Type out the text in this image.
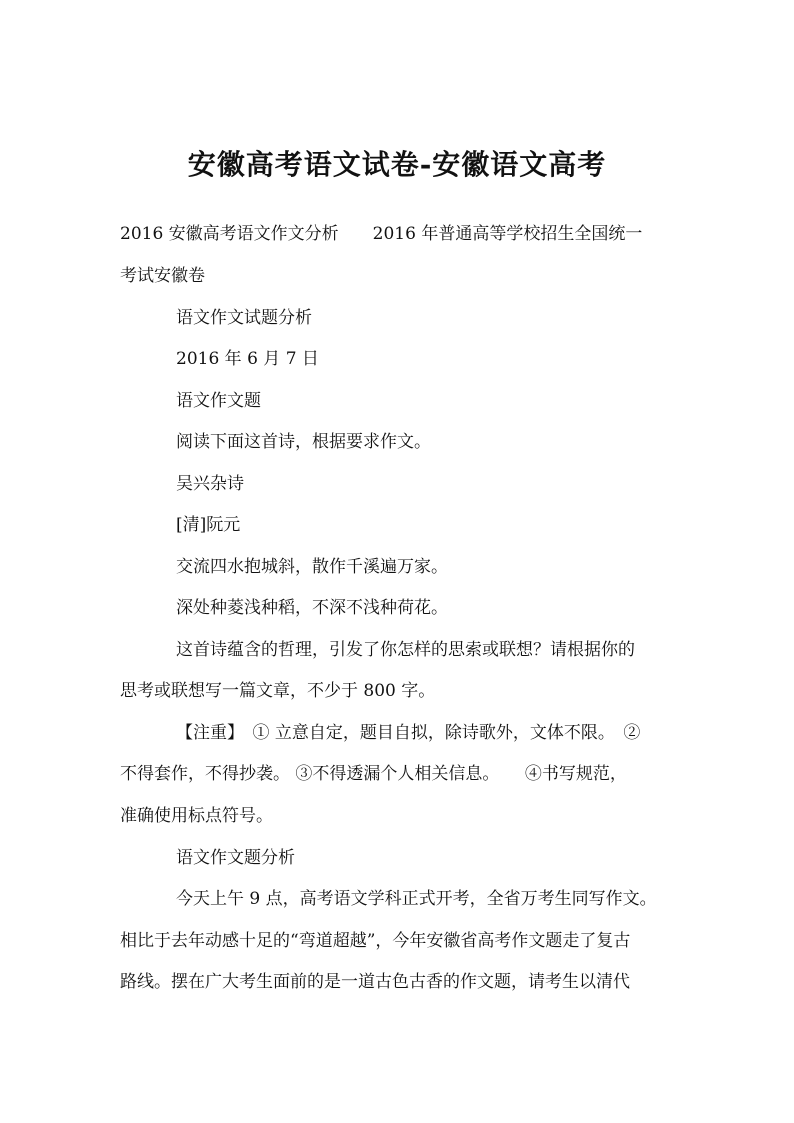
安徽高考语文试卷-安徽语文高考
2016 安徽高考语文作文分析　　2016 年普通高等学校招生全国统一
考试安徽卷
语文作文试题分析
2016 年 6 月 7 日
语文作文题
阅读下面这首诗，根据要求作文。
吴兴杂诗
[清]阮元
交流四水抱城斜，散作千溪遍万家。
深处种菱浅种稻，不深不浅种荷花。
这首诗蕴含的哲理，引发了你怎样的思索或联想？请根据你的
思考或联想写一篇文章，不少于 800 字。
【注重】　① 立意自定，题目自拟，除诗歌外，文体不限。　②
不得套作，不得抄袭。 ③不得透漏个人相关信息。　　④书写规范，
准确使用标点符号。
语文作文题分析
今天上午 9 点，高考语文学科正式开考，全省万考生同写作文。
相比于去年动感十足的“弯道超越”，今年安徽省高考作文题走了复古
路线。摆在广大考生面前的是一道古色古香的作文题，请考生以清代
